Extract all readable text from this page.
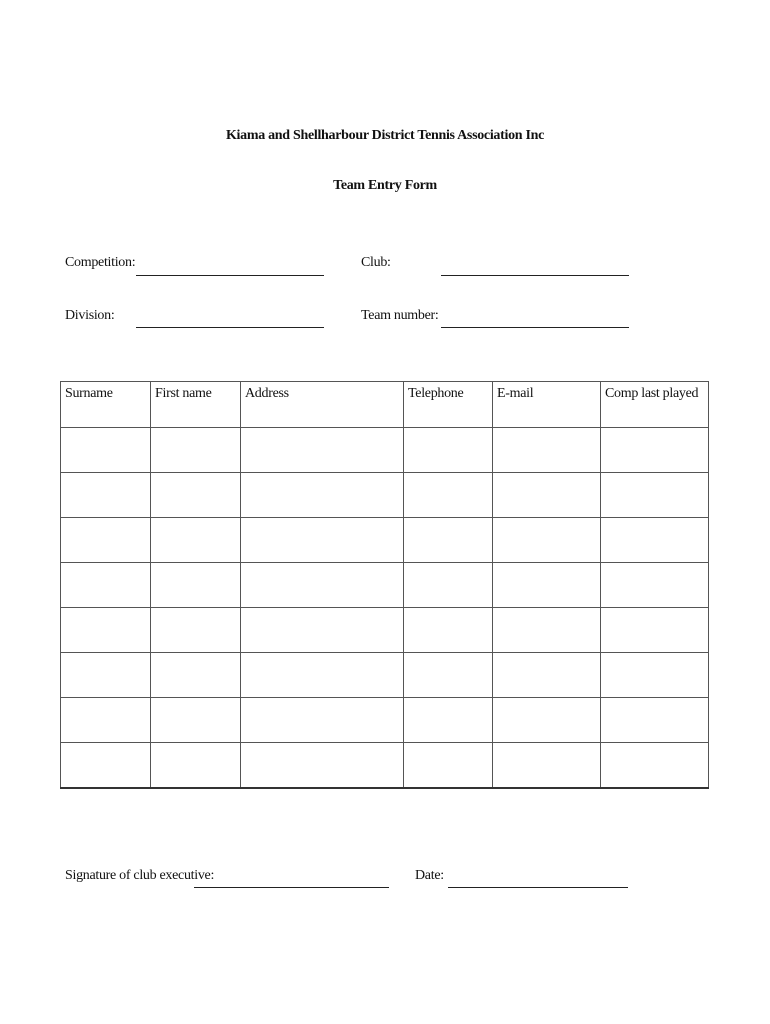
Kiama and Shellharbour District Tennis Association Inc
Team Entry Form
Competition:	Club:
Division:	Team number:
Surname	First name	Address	Telephone	E-mail	Comp last played

Signature of club executive:	Date:
